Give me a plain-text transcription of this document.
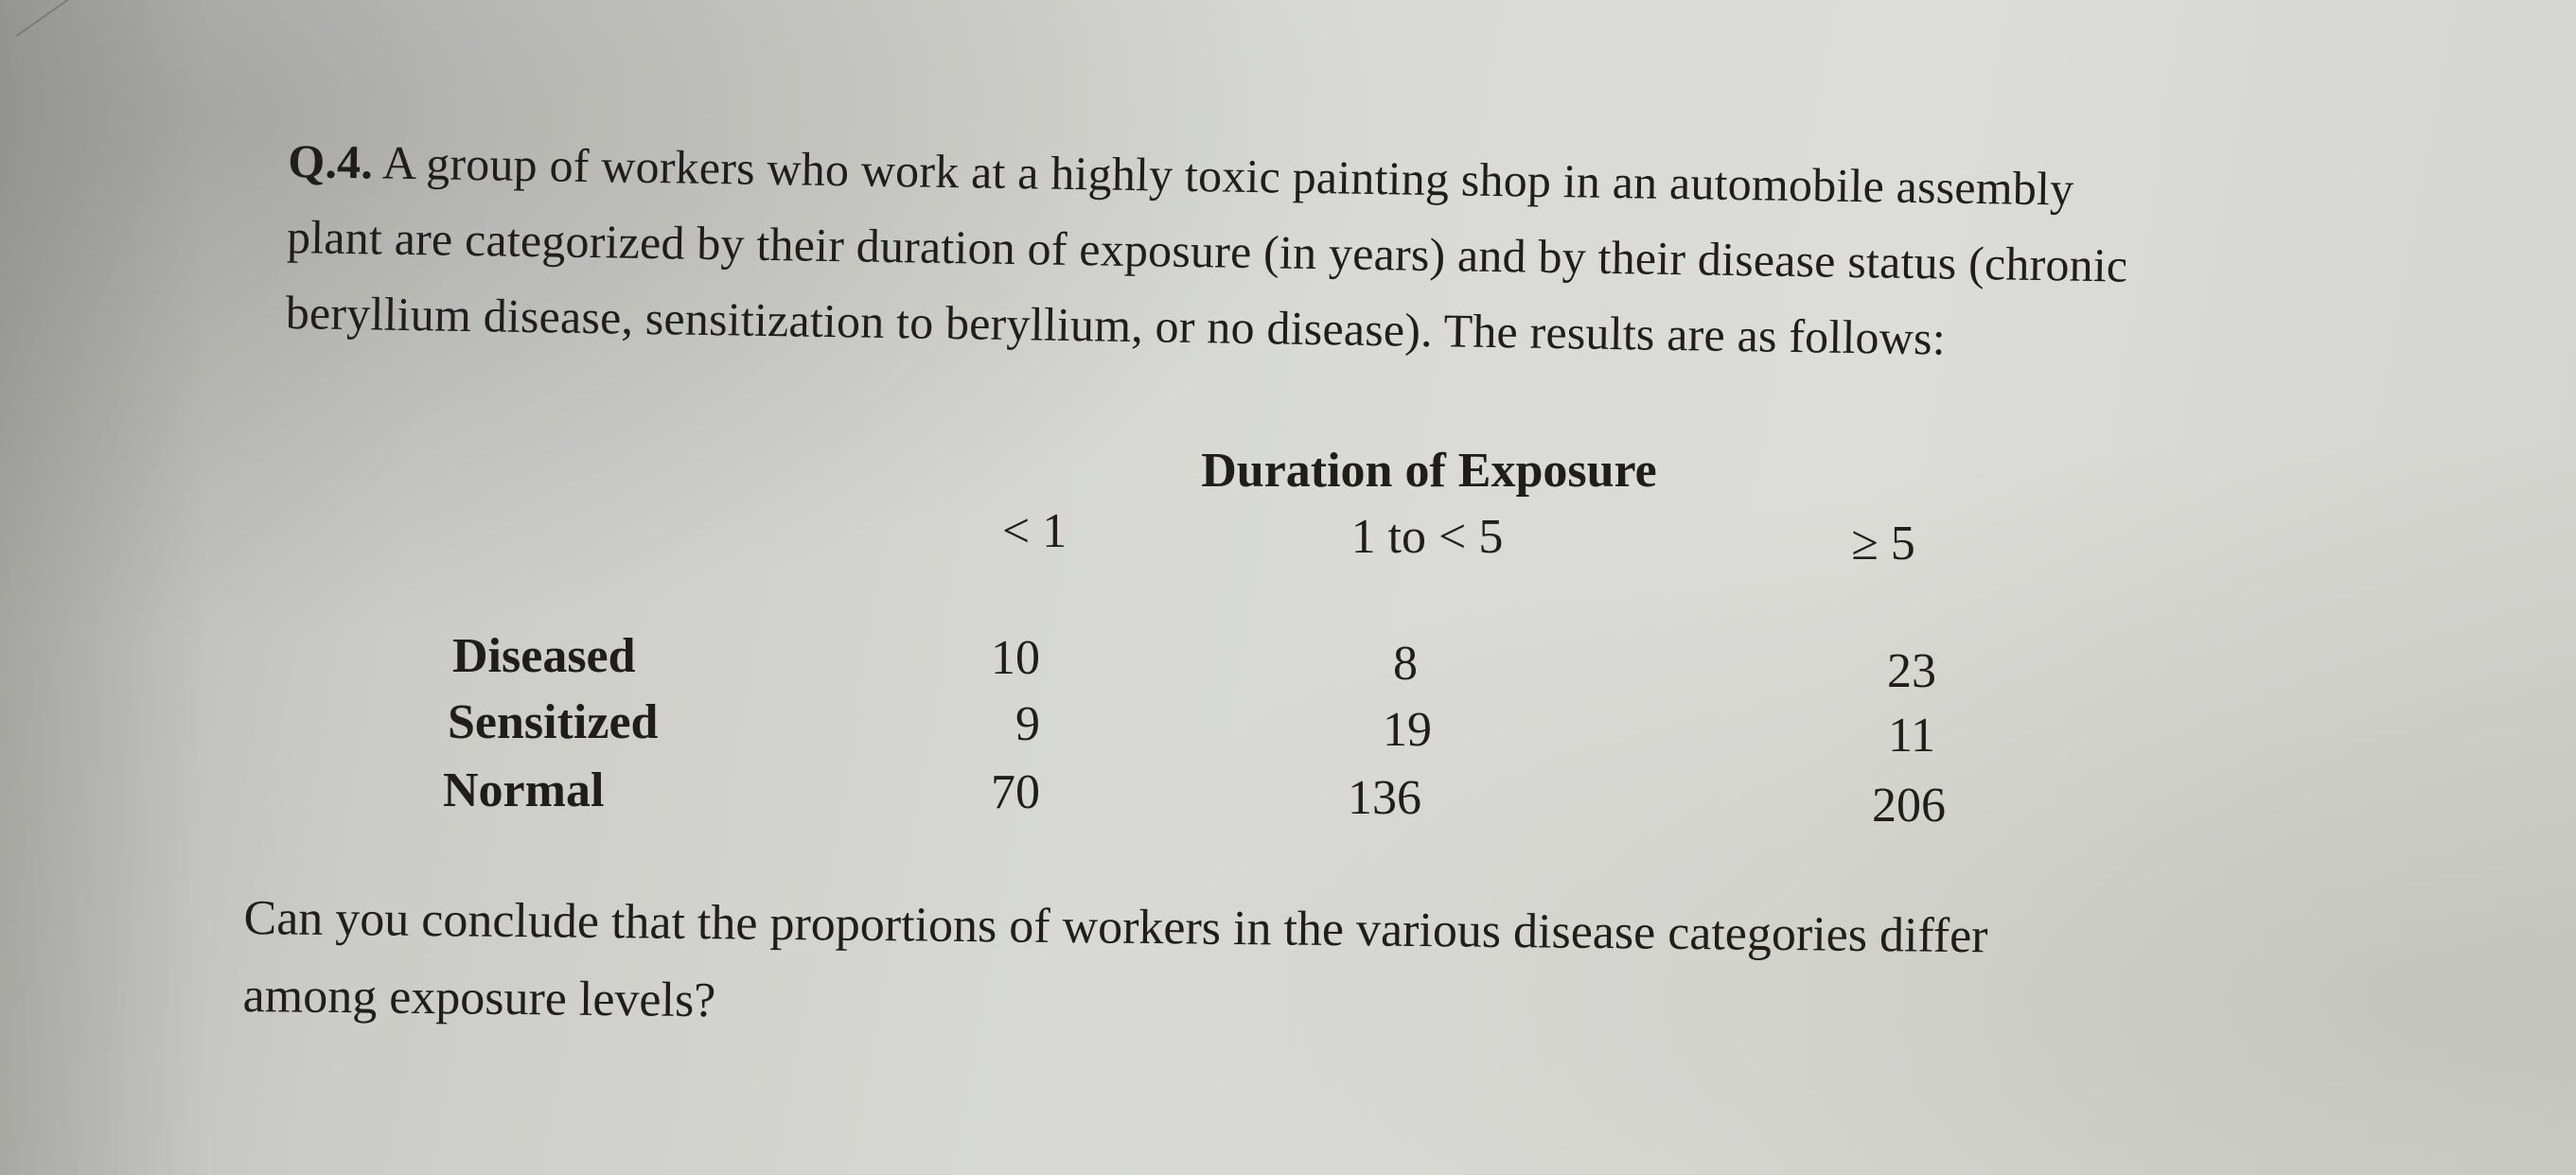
Q.4. A group of workers who work at a highly toxic painting shop in an automobile assembly
plant are categorized by their duration of exposure (in years) and by their disease status (chronic
beryllium disease, sensitization to beryllium, or no disease). The results are as follows:
Duration of Exposure
< 1	1 to < 5	≥ 5
Diseased	10	8	23
Sensitized	9	19	11
Normal	70	136	206
Can you conclude that the proportions of workers in the various disease categories differ
among exposure levels?
